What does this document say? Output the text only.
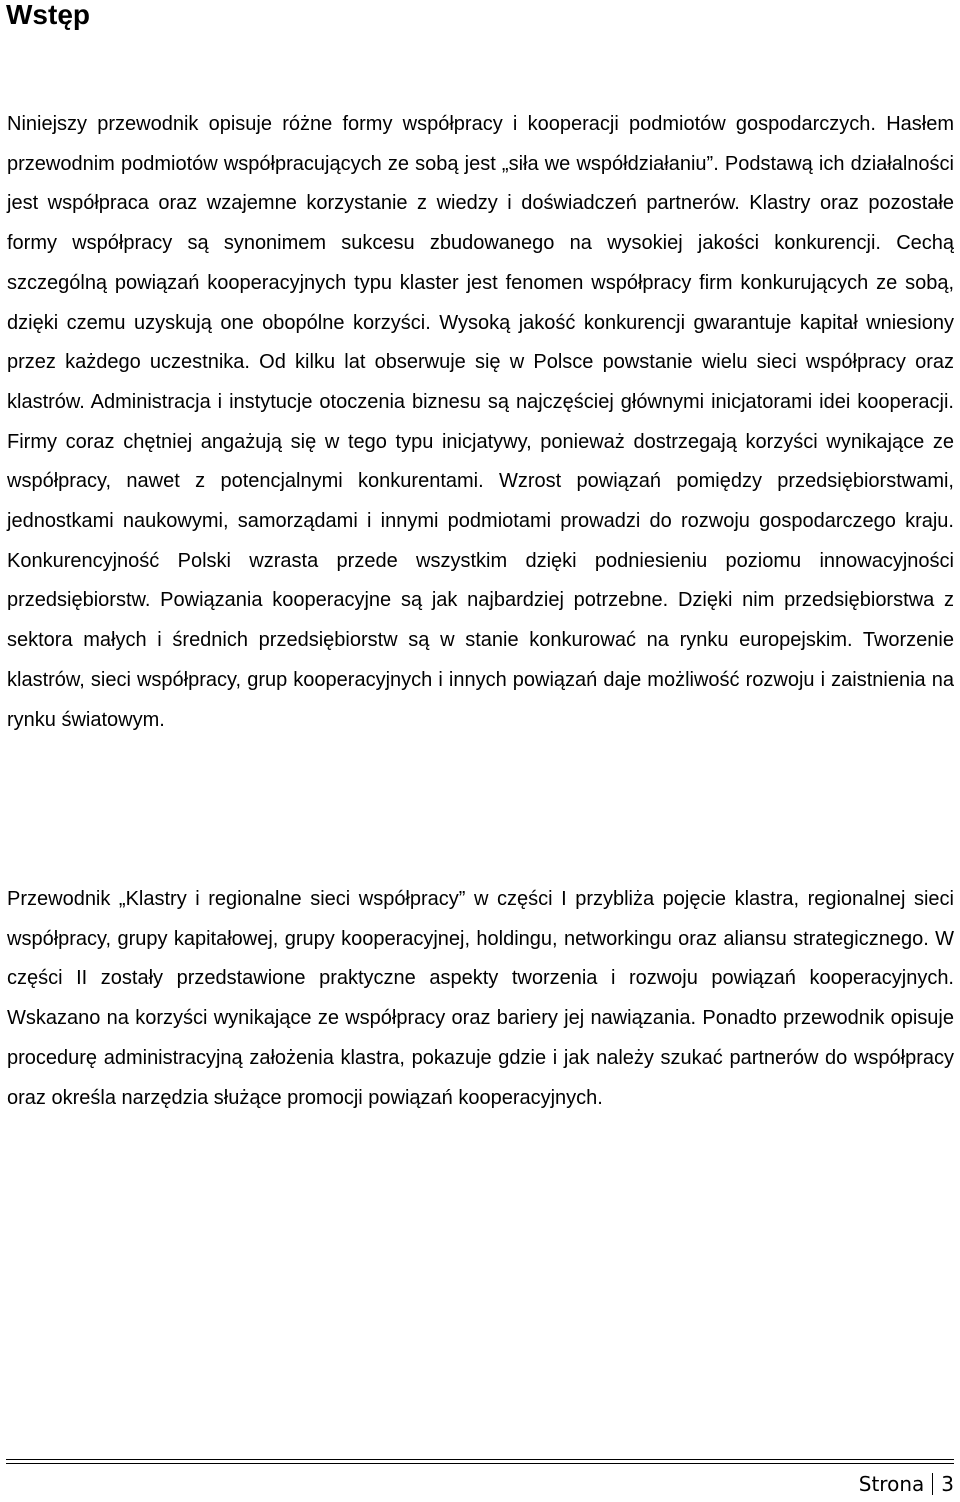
Wstęp

Niniejszy przewodnik opisuje różne formy współpracy i kooperacji podmiotów gospodarczych. Hasłem przewodnim podmiotów współpracujących ze sobą jest „siła we współdziałaniu”. Podstawą ich działalności jest współpraca oraz wzajemne korzystanie z wiedzy i doświadczeń partnerów. Klastry oraz pozostałe formy współpracy są synonimem sukcesu zbudowanego na wysokiej jakości konkurencji. Cechą szczególną powiązań kooperacyjnych typu klaster jest fenomen współpracy firm konkurujących ze sobą, dzięki czemu uzyskują one obopólne korzyści. Wysoką jakość konkurencji gwarantuje kapitał wniesiony przez każdego uczestnika. Od kilku lat obserwuje się w Polsce powstanie wielu sieci współpracy oraz klastrów. Administracja i instytucje otoczenia biznesu są najczęściej głównymi inicjatorami idei kooperacji. Firmy coraz chętniej angażują się w tego typu inicjatywy, ponieważ dostrzegają korzyści wynikające ze współpracy, nawet z potencjalnymi konkurentami. Wzrost powiązań pomiędzy przedsiębiorstwami, jednostkami naukowymi, samorządami i innymi podmiotami prowadzi do rozwoju gospodarczego kraju. Konkurencyjność Polski wzrasta przede wszystkim dzięki podniesieniu poziomu innowacyjności przedsiębiorstw. Powiązania kooperacyjne są jak najbardziej potrzebne. Dzięki nim przedsiębiorstwa z sektora małych i średnich przedsiębiorstw są w stanie konkurować na rynku europejskim. Tworzenie klastrów, sieci współpracy, grup kooperacyjnych i innych powiązań daje możliwość rozwoju i zaistnienia na rynku światowym.

Przewodnik „Klastry i regionalne sieci współpracy” w części I przybliża pojęcie klastra, regionalnej sieci współpracy, grupy kapitałowej, grupy kooperacyjnej, holdingu, networkingu oraz aliansu strategicznego. W części II zostały przedstawione praktyczne aspekty tworzenia i rozwoju powiązań kooperacyjnych. Wskazano na korzyści wynikające ze współpracy oraz bariery jej nawiązania. Ponadto przewodnik opisuje procedurę administracyjną założenia klastra, pokazuje gdzie i jak należy szukać partnerów do współpracy oraz określa narzędzia służące promocji powiązań kooperacyjnych.

Strona 3
